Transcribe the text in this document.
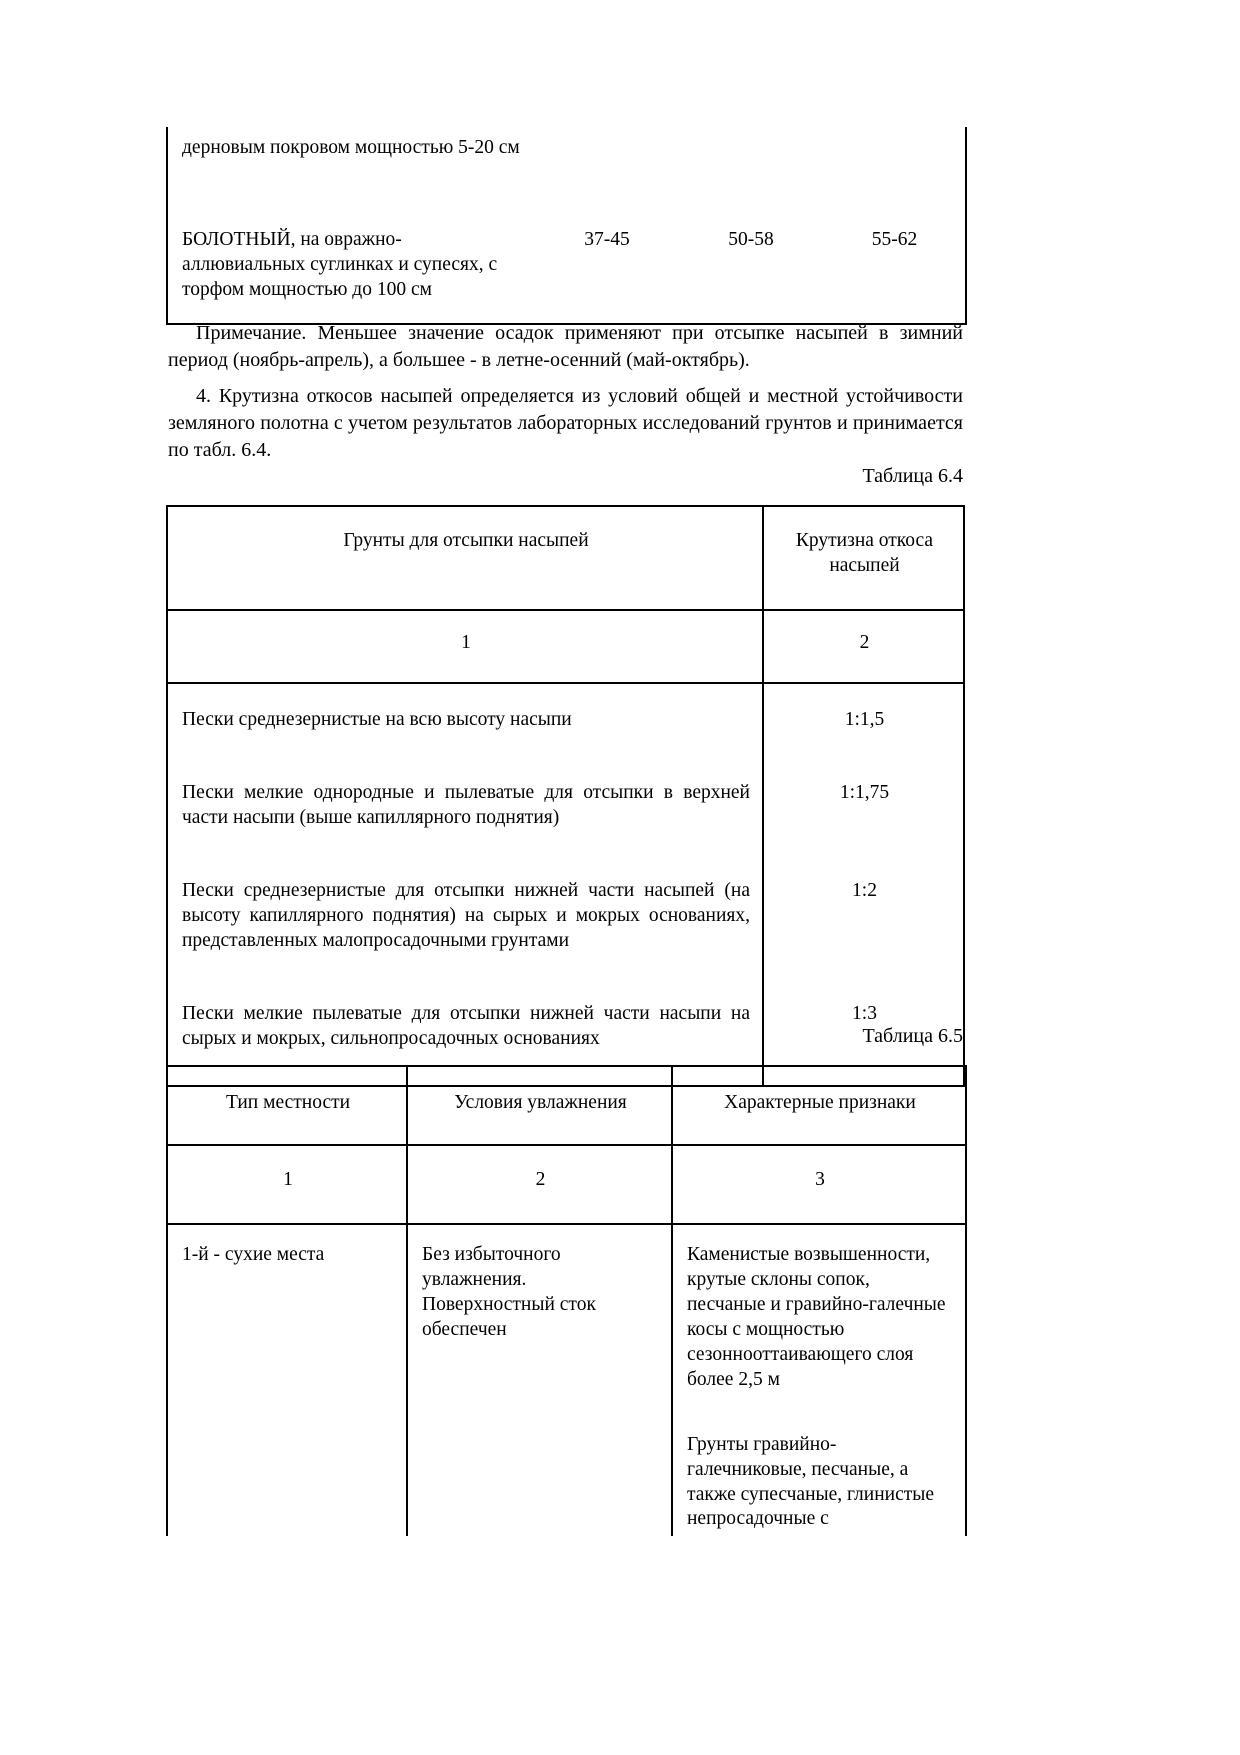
дерновым покровом мощностью 5-20 см			

БОЛОТНЫЙ, на овражно-аллювиальных суглинках и супесях, с торфом мощностью до 100 см	37-45	50-58	55-62
Примечание. Меньшее значение осадок применяют при отсыпке насыпей в зимний период (ноябрь-апрель), а большее - в летне-осенний (май-октябрь).
4. Крутизна откосов насыпей определяется из условий общей и местной устойчивости земляного полотна с учетом результатов лабораторных исследований грунтов и принимается по табл. 6.4.
Таблица 6.4
Грунты для отсыпки насыпей	Крутизна откоса насыпей

1	2

Пески среднезернистые на всю высоту насыпи	1:1,5

Пески мелкие однородные и пылеватые для отсыпки в верхней части насыпи (выше капиллярного поднятия)	1:1,75

Пески среднезернистые для отсыпки нижней части насыпей (на высоту капиллярного поднятия) на сырых и мокрых основаниях, представленных малопросадочными грунтами	1:2

Пески мелкие пылеватые для отсыпки нижней части насыпи на сырых и мокрых, сильнопросадочных основаниях	1:3
Таблица 6.5
Тип местности	Условия увлажнения	Характерные признаки

1	2	3

1-й - сухие места	Без избыточного увлажнения. Поверхностный сток обеспечен	Каменистые возвышенности, крутые склоны сопок, песчаные и гравийно-галечные косы с мощностью сезоннооттаивающего слоя более 2,5 м

Грунты гравийно-галечниковые, песчаные, а также супесчаные, глинистые непросадочные с
